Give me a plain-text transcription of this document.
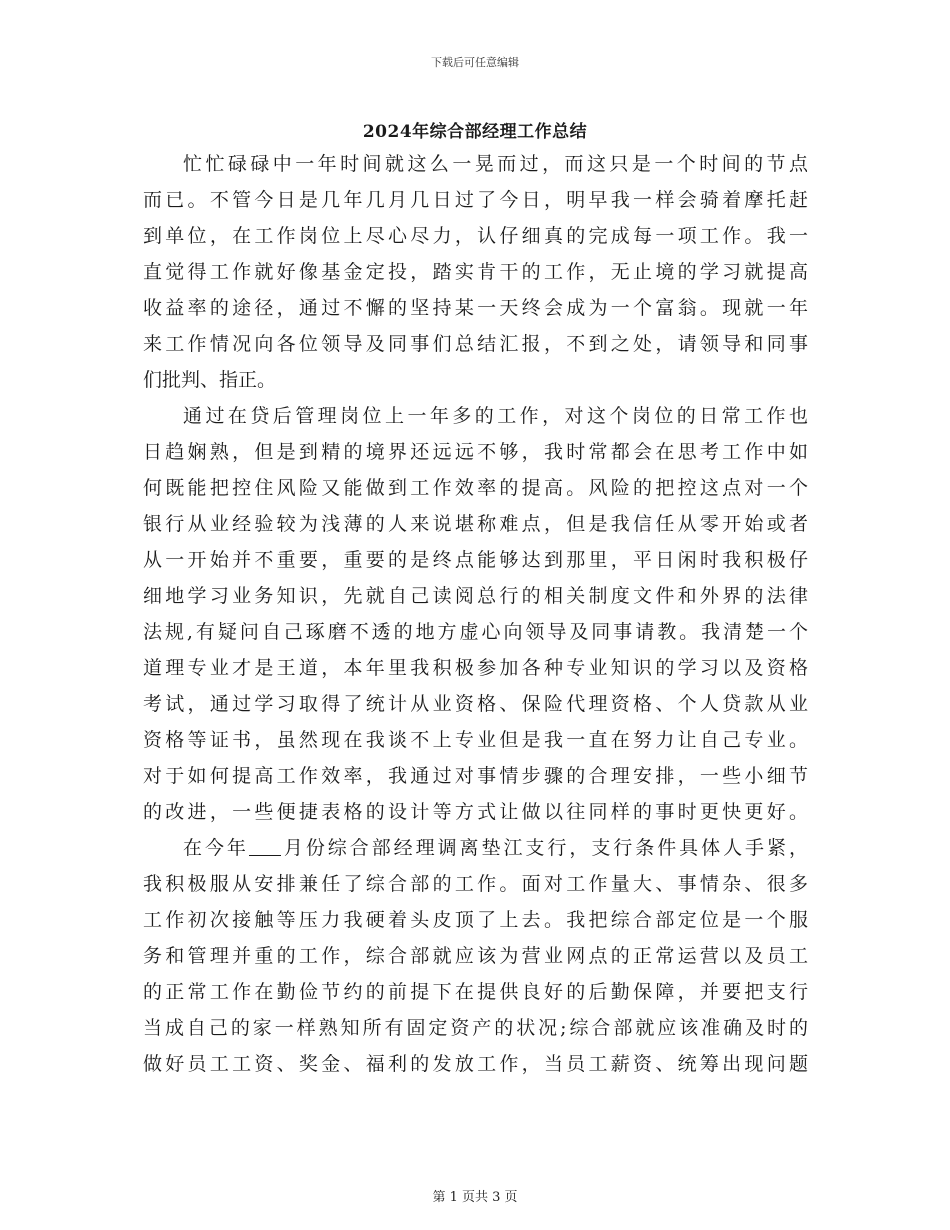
下载后可任意编辑
2024年综合部经理工作总结
忙忙碌碌中一年时间就这么一晃而过，而这只是一个时间的节点
而已。不管今日是几年几月几日过了今日，明早我一样会骑着摩托赶
到单位，在工作岗位上尽心尽力，认仔细真的完成每一项工作。我一
直觉得工作就好像基金定投，踏实肯干的工作，无止境的学习就提高
收益率的途径，通过不懈的坚持某一天终会成为一个富翁。现就一年
来工作情况向各位领导及同事们总结汇报，不到之处，请领导和同事
们批判、指正。
通过在贷后管理岗位上一年多的工作，对这个岗位的日常工作也
日趋娴熟，但是到精的境界还远远不够，我时常都会在思考工作中如
何既能把控住风险又能做到工作效率的提高。风险的把控这点对一个
银行从业经验较为浅薄的人来说堪称难点，但是我信任从零开始或者
从一开始并不重要，重要的是终点能够达到那里，平日闲时我积极仔
细地学习业务知识，先就自己读阅总行的相关制度文件和外界的法律
法规,有疑问自己琢磨不透的地方虚心向领导及同事请教。我清楚一个
道理专业才是王道，本年里我积极参加各种专业知识的学习以及资格
考试，通过学习取得了统计从业资格、保险代理资格、个人贷款从业
资格等证书，虽然现在我谈不上专业但是我一直在努力让自己专业。
对于如何提高工作效率，我通过对事情步骤的合理安排，一些小细节
的改进，一些便捷表格的设计等方式让做以往同样的事时更快更好。
在今年 月份综合部经理调离垫江支行，支行条件具体人手紧，
我积极服从安排兼任了综合部的工作。面对工作量大、事情杂、很多
工作初次接触等压力我硬着头皮顶了上去。我把综合部定位是一个服
务和管理并重的工作，综合部就应该为营业网点的正常运营以及员工
的正常工作在勤俭节约的前提下在提供良好的后勤保障，并要把支行
当成自己的家一样熟知所有固定资产的状况;综合部就应该准确及时的
做好员工工资、奖金、福利的发放工作，当员工薪资、统筹出现问题
第 1 页共 3 页
